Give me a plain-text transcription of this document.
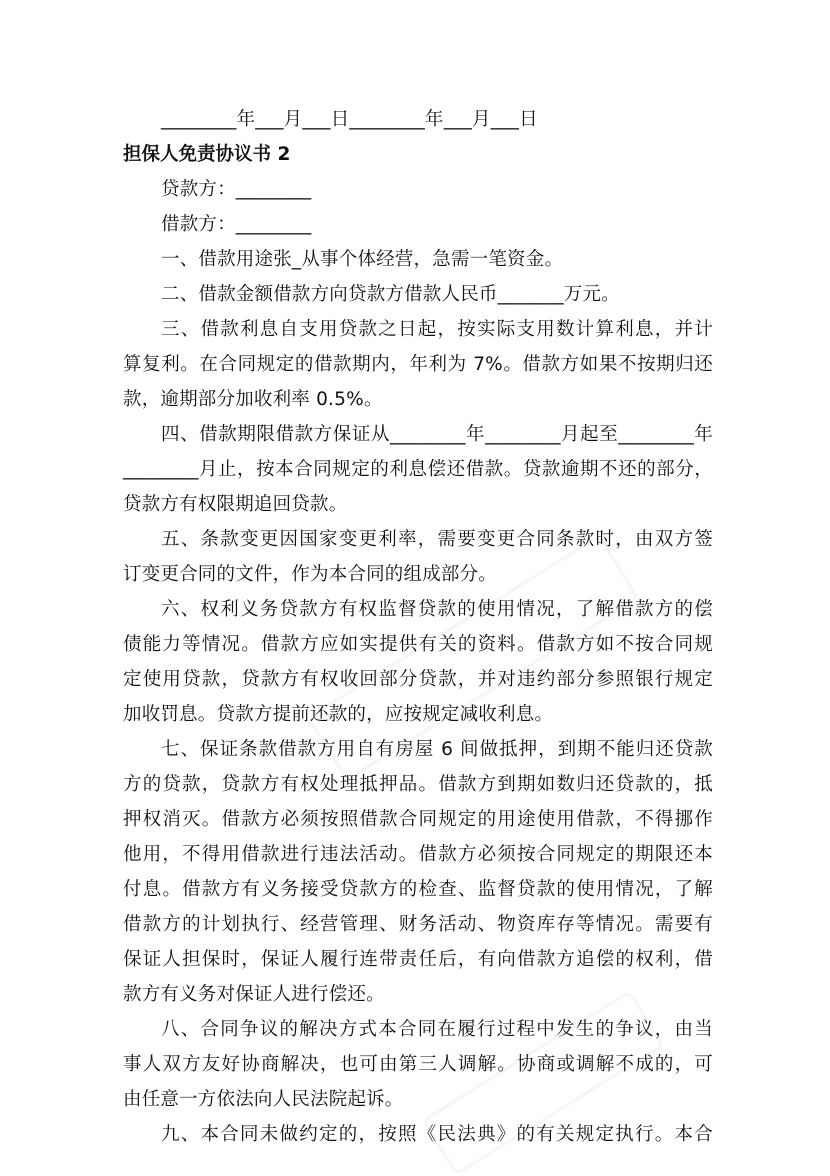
________年___月___日________年___月___日
担保人免责协议书 2
贷款方：________
借款方：________
一、借款用途张_从事个体经营，急需一笔资金。
二、借款金额借款方向贷款方借款人民币_______万元。
三、借款利息自支用贷款之日起，按实际支用数计算利息，并计
算复利。在合同规定的借款期内，年利为 7%。借款方如果不按期归还
款，逾期部分加收利率 0.5%。
四、借款期限借款方保证从________年________月起至________年
________月止，按本合同规定的利息偿还借款。贷款逾期不还的部分，
贷款方有权限期追回贷款。
五、条款变更因国家变更利率，需要变更合同条款时，由双方签
订变更合同的文件，作为本合同的组成部分。
六、权利义务贷款方有权监督贷款的使用情况，了解借款方的偿
债能力等情况。借款方应如实提供有关的资料。借款方如不按合同规
定使用贷款，贷款方有权收回部分贷款，并对违约部分参照银行规定
加收罚息。贷款方提前还款的，应按规定减收利息。
七、保证条款借款方用自有房屋 6 间做抵押，到期不能归还贷款
方的贷款，贷款方有权处理抵押品。借款方到期如数归还贷款的，抵
押权消灭。借款方必须按照借款合同规定的用途使用借款，不得挪作
他用，不得用借款进行违法活动。借款方必须按合同规定的期限还本
付息。借款方有义务接受贷款方的检查、监督贷款的使用情况，了解
借款方的计划执行、经营管理、财务活动、物资库存等情况。需要有
保证人担保时，保证人履行连带责任后，有向借款方追偿的权利，借
款方有义务对保证人进行偿还。
八、合同争议的解决方式本合同在履行过程中发生的争议，由当
事人双方友好协商解决，也可由第三人调解。协商或调解不成的，可
由任意一方依法向人民法院起诉。
九、本合同未做约定的，按照《民法典》的有关规定执行。本合
